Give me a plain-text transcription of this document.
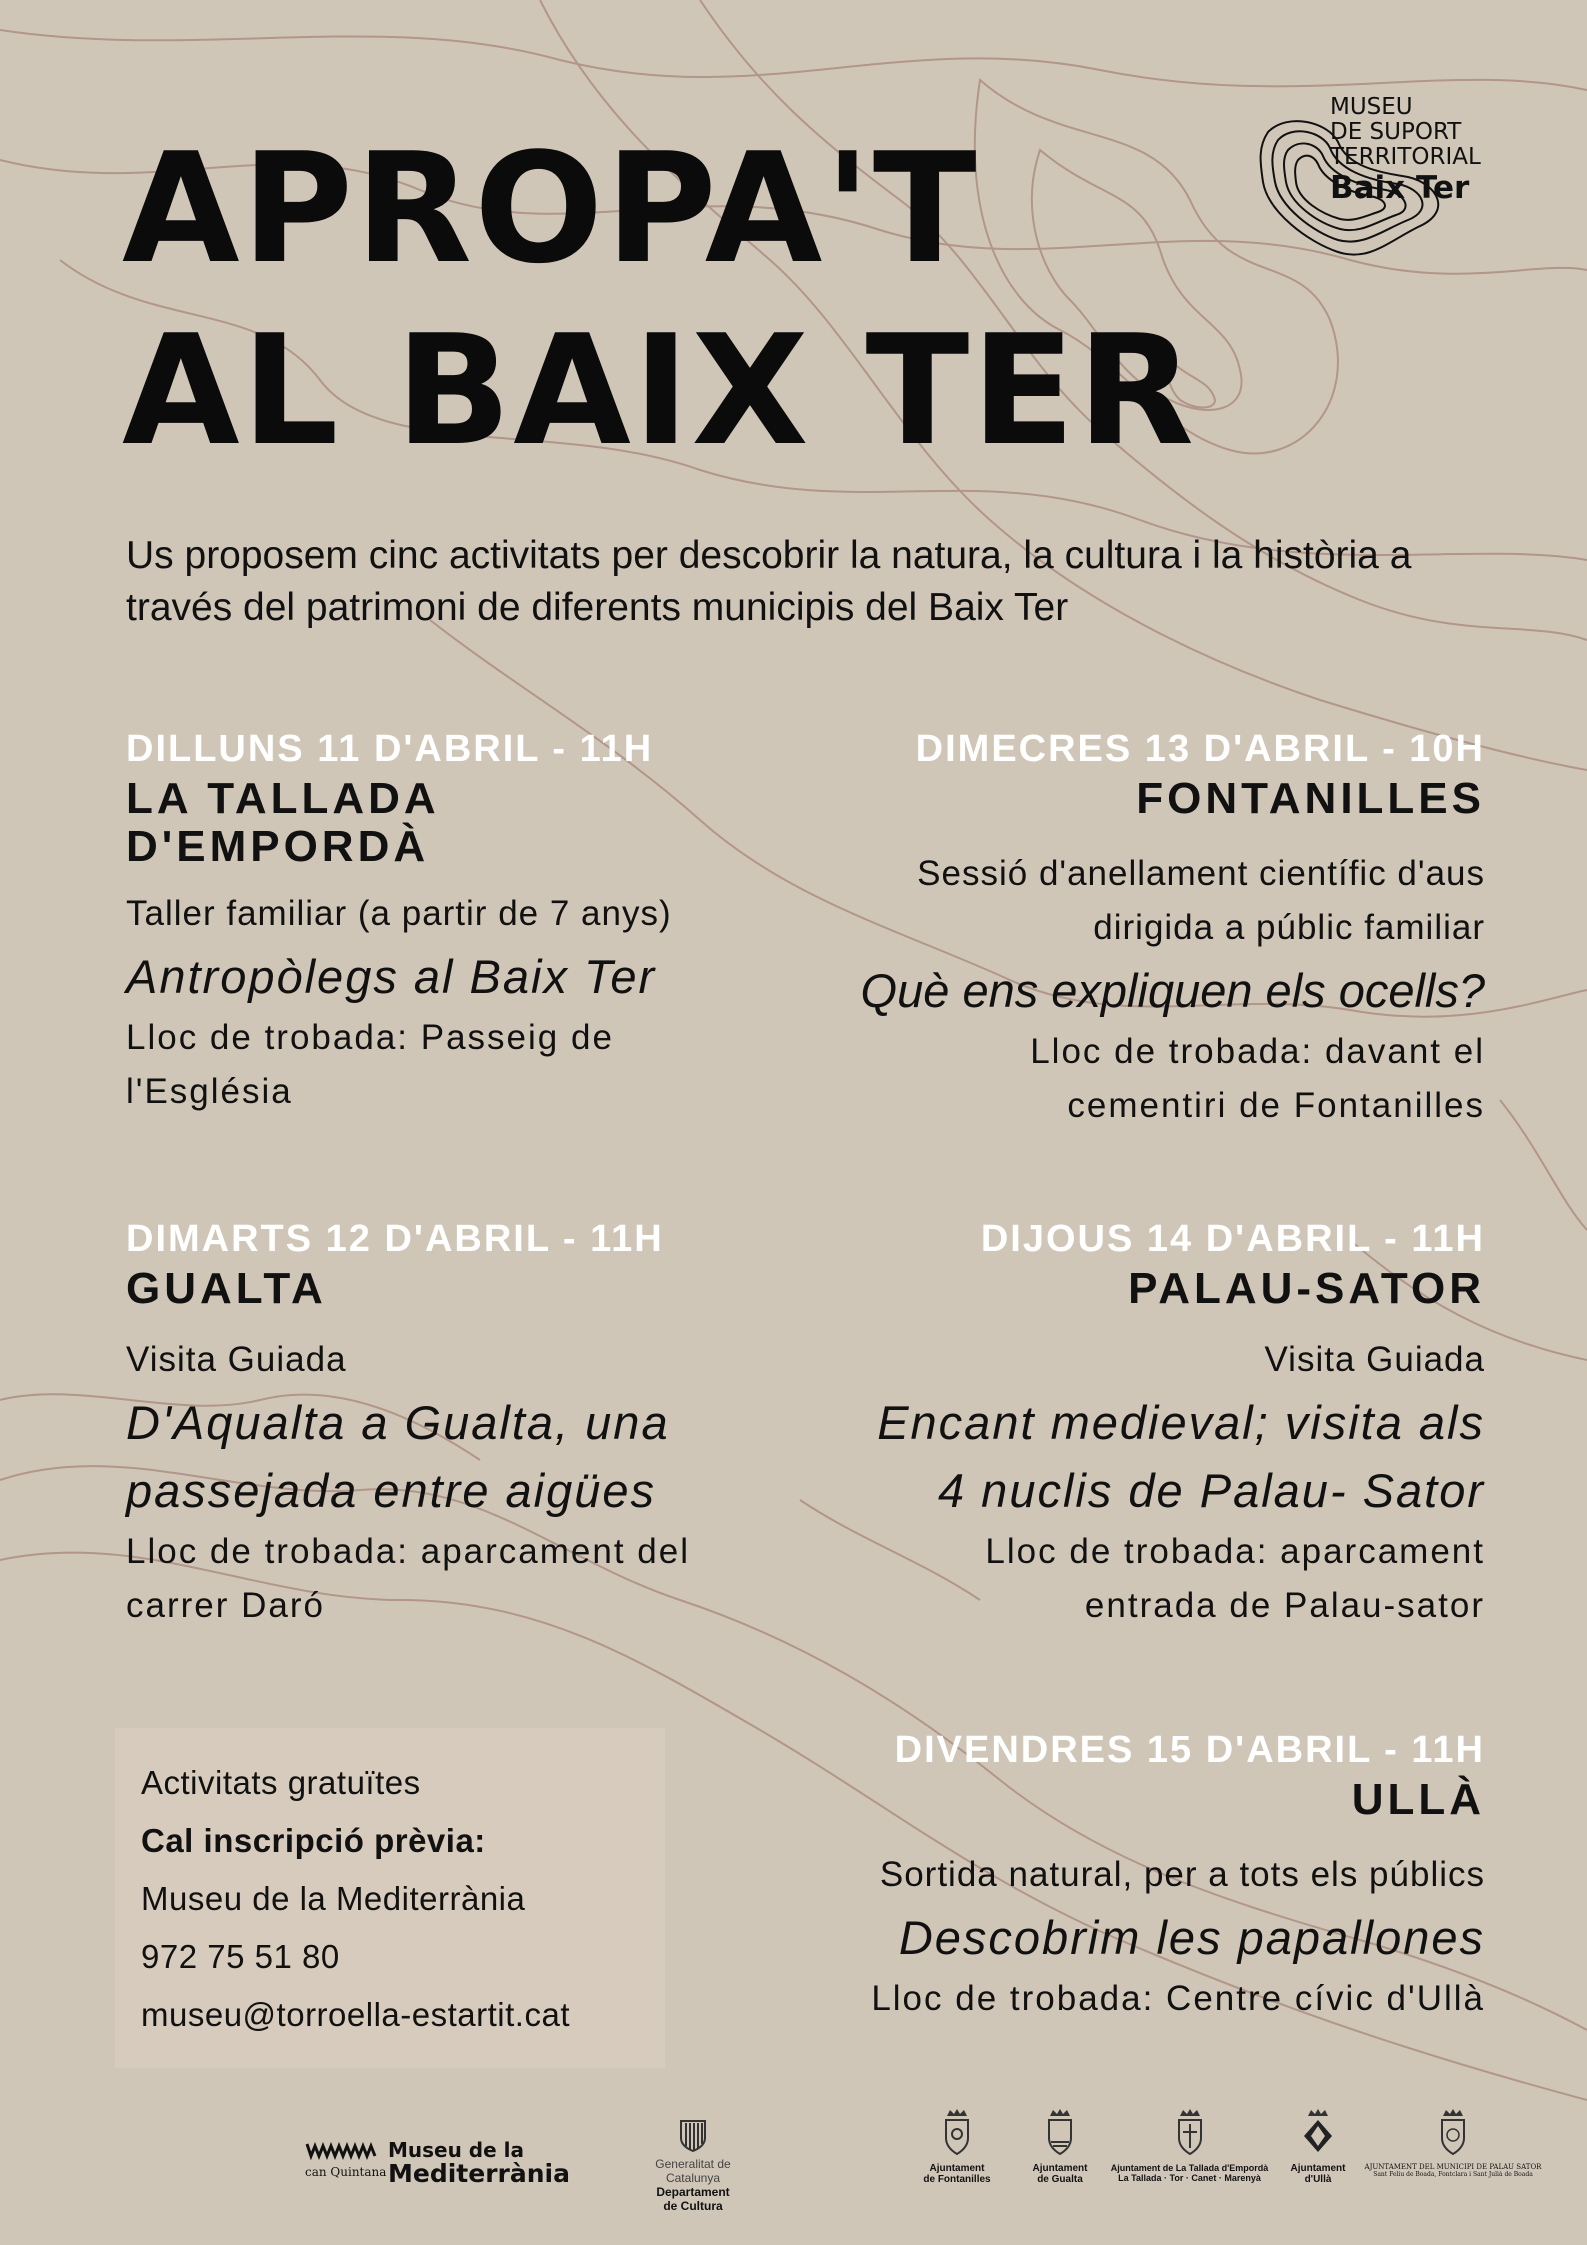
APROPA'T
AL BAIX TER
MUSEU
DE SUPORT
TERRITORIAL
Baix Ter

Us proposem cinc activitats per descobrir la natura, la cultura i la història a través del patrimoni de diferents municipis del Baix Ter

DILLUNS 11 D'ABRIL - 11H
LA TALLADA
D'EMPORDÀ
Taller familiar (a partir de 7 anys)
Antropòlegs al Baix Ter
Lloc de trobada: Passeig de
l'Església
DIMECRES 13 D'ABRIL - 10H
FONTANILLES
Sessió d'anellament científic d'aus
dirigida a públic familiar
Què ens expliquen els ocells?
Lloc de trobada: davant el
cementiri de Fontanilles
DIMARTS 12 D'ABRIL - 11H
GUALTA
Visita Guiada
D'Aqualta a Gualta, una
passejada entre aigües
Lloc de trobada: aparcament del
carrer Daró
DIJOUS 14 D'ABRIL - 11H
PALAU-SATOR
Visita Guiada
Encant medieval; visita als
4 nuclis de Palau- Sator
Lloc de trobada: aparcament
entrada de Palau-sator
Activitats gratuïtes
Cal inscripció prèvia:
Museu de la Mediterrània
972 75 51 80
museu@torroella-estartit.cat
DIVENDRES 15 D'ABRIL - 11H
ULLÀ
Sortida natural, per a tots els públics
Descobrim les papallones
Lloc de trobada: Centre cívic d'Ullà
can Quintana
Museu de la
Mediterrània	Generalitat de Catalunya
Departament
de Cultura
Ajuntament
de Fontanilles
Ajuntament
de Gualta
Ajuntament de La Tallada d'Empordà
La Tallada · Tor · Canet · Marenyà
Ajuntament
d'Ullà
AJUNTAMENT DEL MUNICIPI DE PALAU SATOR
Sant Feliu de Boada, Fontclara i Sant Julià de Boada
